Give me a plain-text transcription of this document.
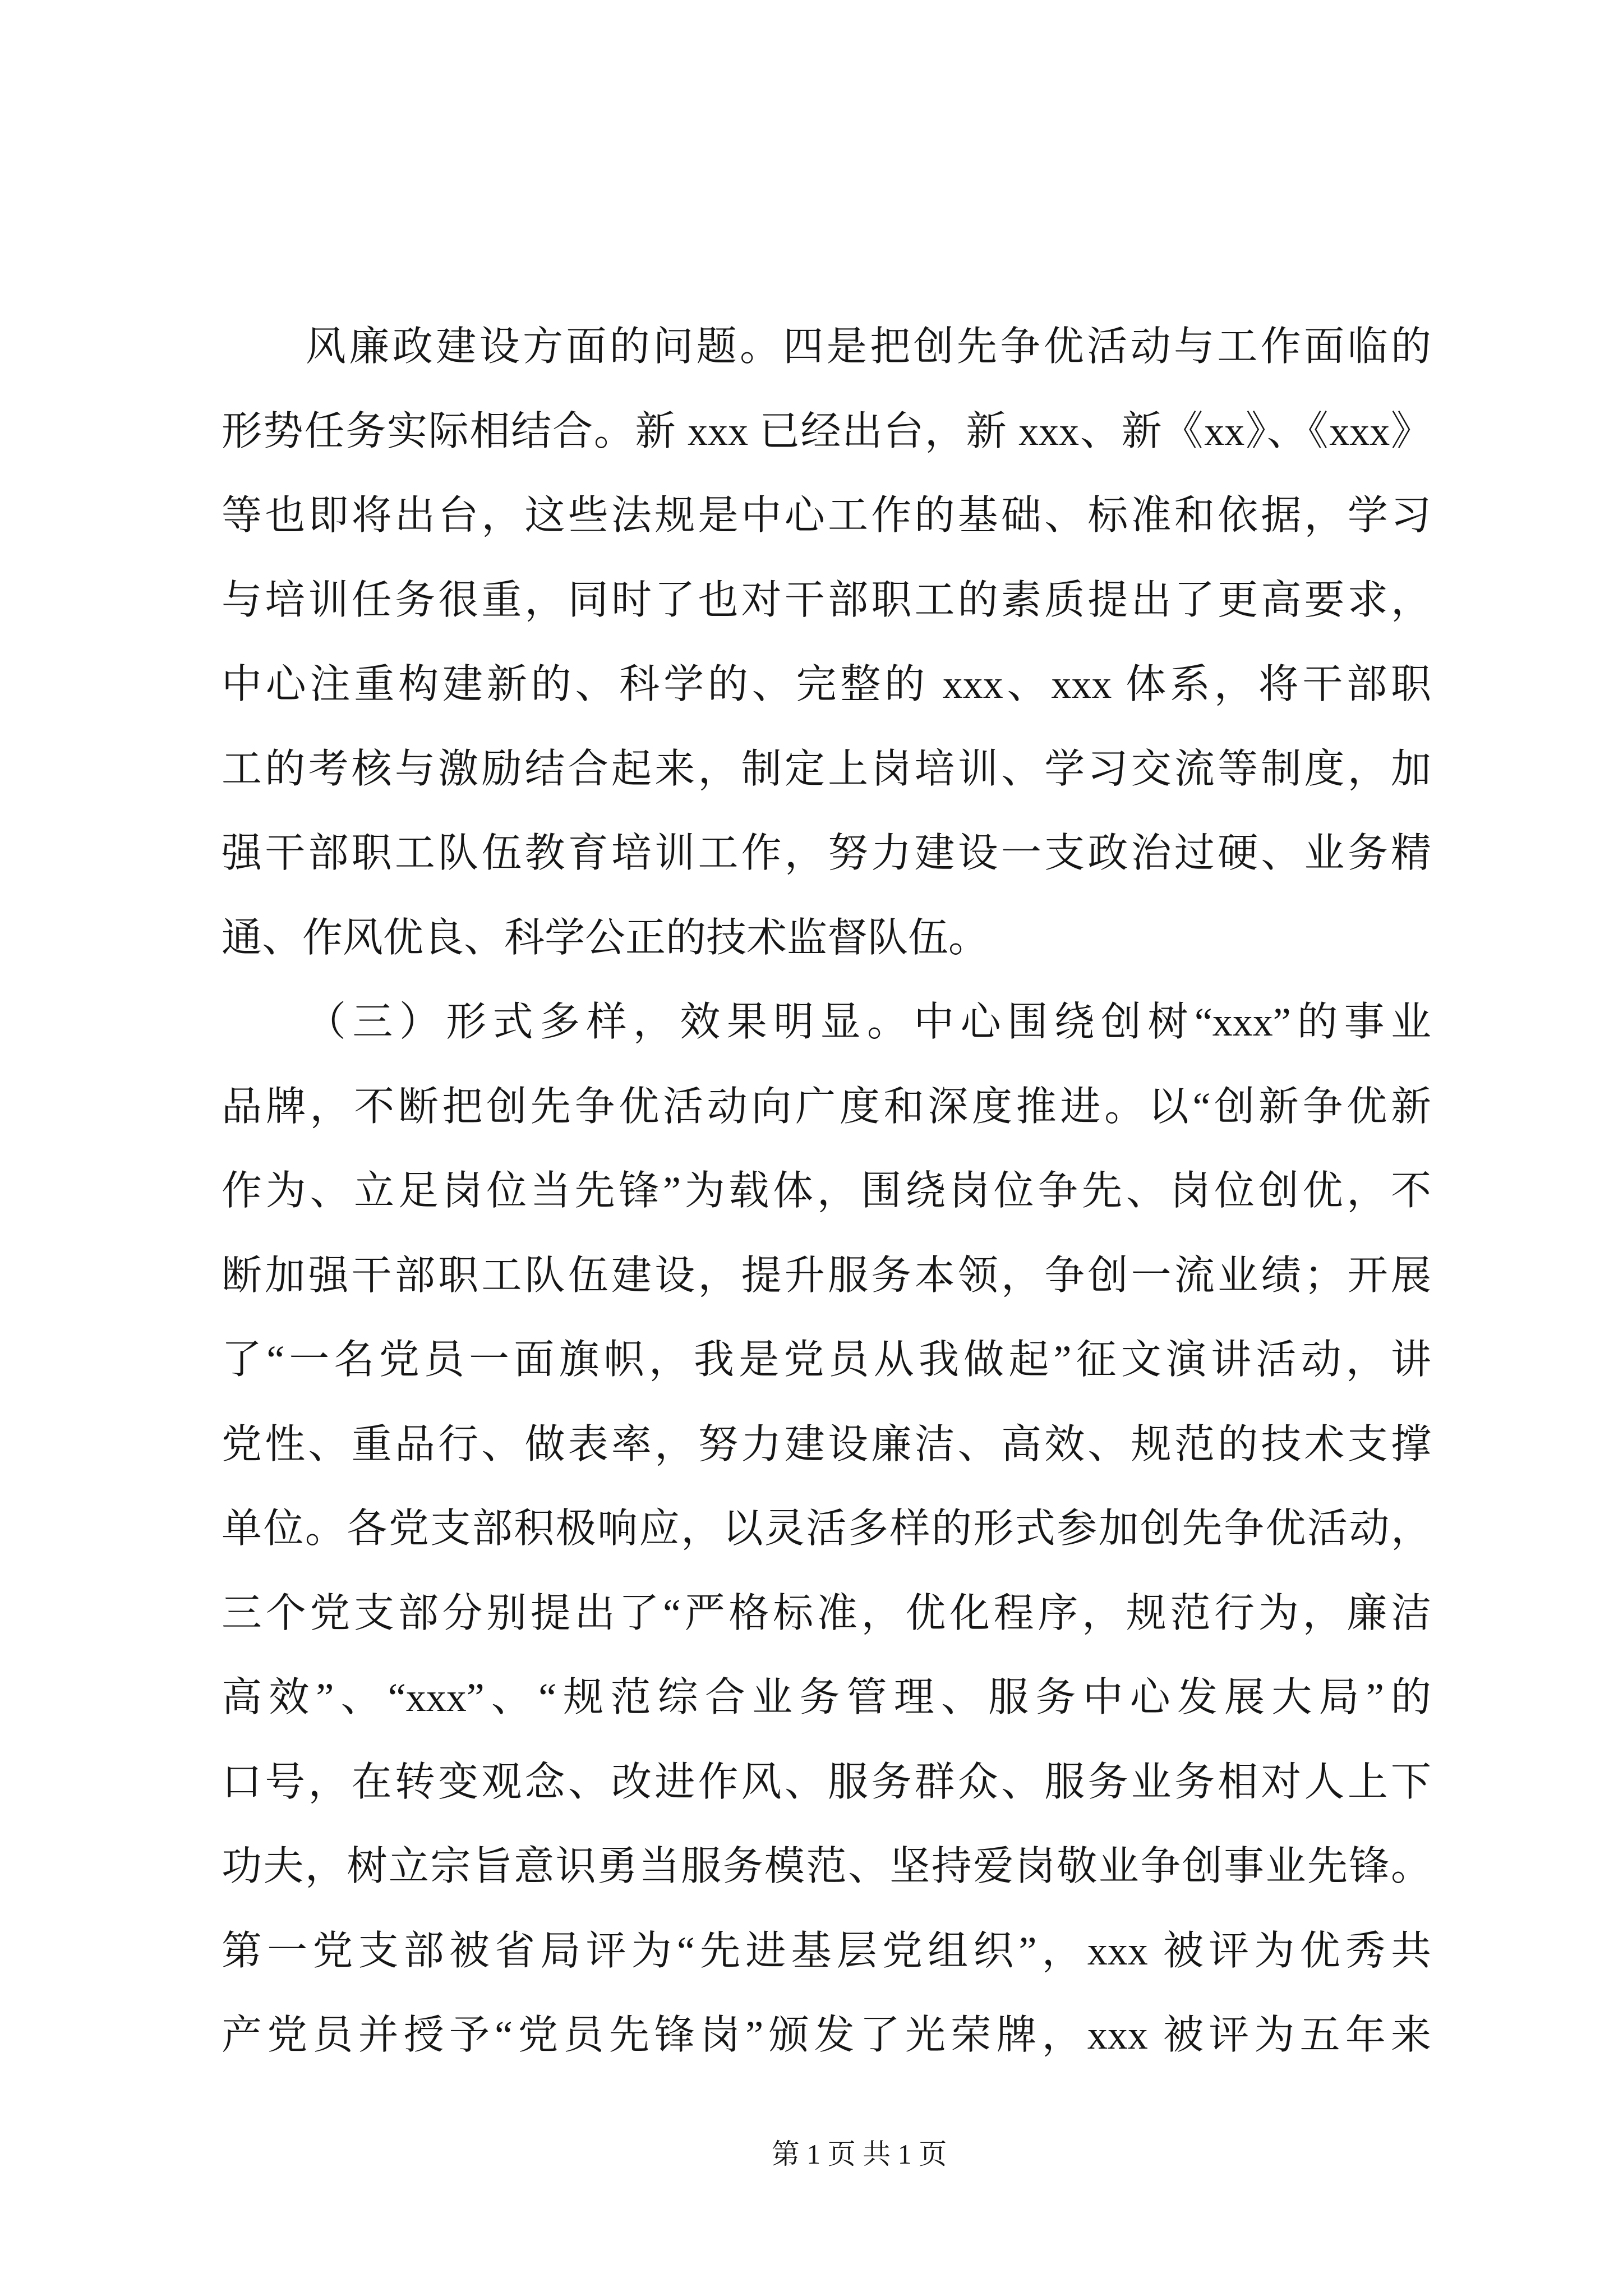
风廉政建设方面的问题。四是把创先争优活动与工作面临的
形势任务实际相结合。新 xxx 已经出台，新 xxx、新《xx》、《xxx》
等也即将出台，这些法规是中心工作的基础、标准和依据，学习
与培训任务很重，同时了也对干部职工的素质提出了更高要求，
中心注重构建新的、科学的、完整的 xxx、xxx 体系，将干部职
工的考核与激励结合起来，制定上岗培训、学习交流等制度，加
强干部职工队伍教育培训工作，努力建设一支政治过硬、业务精
通、作风优良、科学公正的技术监督队伍。
（三）形式多样，效果明显。中心围绕创树“xxx”的事业
品牌，不断把创先争优活动向广度和深度推进。以“创新争优新
作为、立足岗位当先锋”为载体，围绕岗位争先、岗位创优，不
断加强干部职工队伍建设，提升服务本领，争创一流业绩；开展
了“一名党员一面旗帜，我是党员从我做起”征文演讲活动，讲
党性、重品行、做表率，努力建设廉洁、高效、规范的技术支撑
单位。各党支部积极响应，以灵活多样的形式参加创先争优活动，
三个党支部分别提出了“严格标准，优化程序，规范行为，廉洁
高效”、“xxx”、“规范综合业务管理、服务中心发展大局”的
口号，在转变观念、改进作风、服务群众、服务业务相对人上下
功夫，树立宗旨意识勇当服务模范、坚持爱岗敬业争创事业先锋。
第一党支部被省局评为“先进基层党组织”，xxx 被评为优秀共
产党员并授予“党员先锋岗”颁发了光荣牌，xxx 被评为五年来
第 1 页 共 1 页
